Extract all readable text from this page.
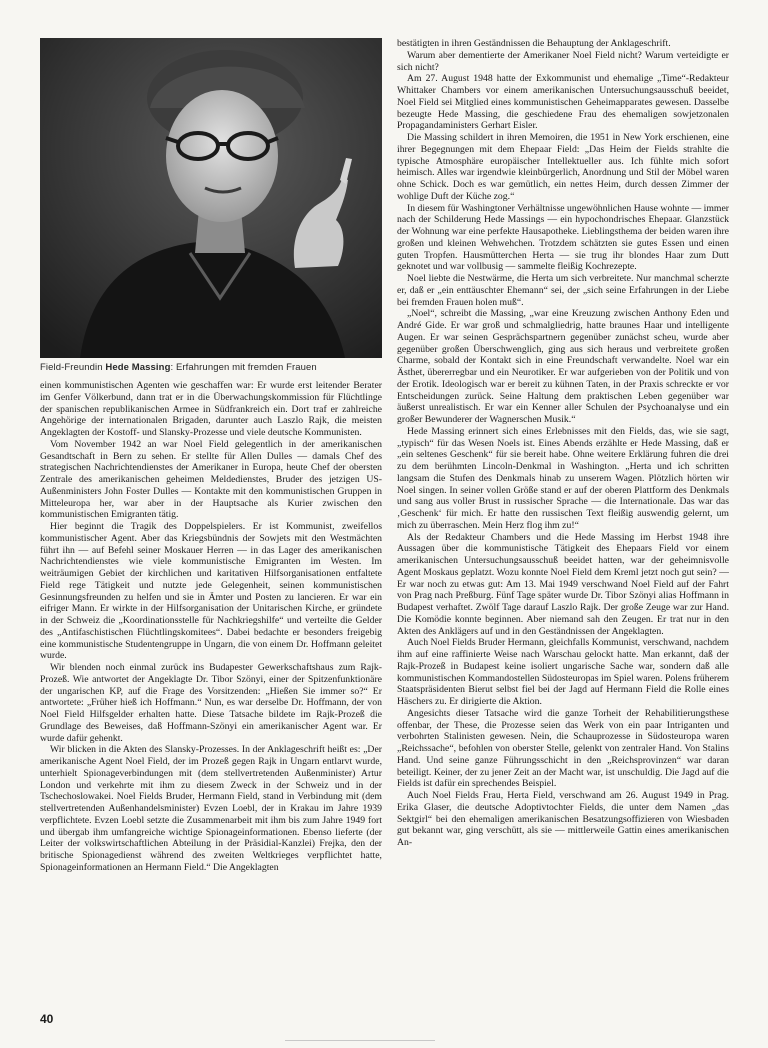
Field-Freundin Hede Massing: Erfahrungen mit fremden Frauen

einen kommunistischen Agenten wie geschaffen war: Er wurde erst leitender Berater im Genfer Völkerbund, dann trat er in die Überwachungskommission für Flüchtlinge der spanischen republikanischen Armee in Südfrankreich ein. Dort traf er zahlreiche Angehörige der internationalen Brigaden, darunter auch Laszlo Rajk, die meisten Angeklagten der Kostoff- und Slansky-Prozesse und viele deutsche Kommunisten.

Vom November 1942 an war Noel Field gelegentlich in der amerikanischen Gesandtschaft in Bern zu sehen. Er stellte für Allen Dulles — damals Chef des strategischen Nachrichtendienstes der Amerikaner in Europa, heute Chef der obersten Zentrale des amerikanischen geheimen Meldedienstes, Bruder des jetzigen US-Außenministers John Foster Dulles — Kontakte mit den kommunistischen Gruppen in Mitteleuropa her, war aber in der Hauptsache als Kurier zwischen den kommunistischen Emigranten tätig.

Hier beginnt die Tragik des Doppelspielers. Er ist Kommunist, zweifellos kommunistischer Agent. Aber das Kriegsbündnis der Sowjets mit den Westmächten führt ihn — auf Befehl seiner Moskauer Herren — in das Lager des amerikanischen Nachrichtendienstes wie viele kommunistische Emigranten im Westen. Im weiträumigen Gebiet der kirchlichen und karitativen Hilfsorganisationen entfaltete Field rege Tätigkeit und nutzte jede Gelegenheit, seinen kommunistischen Gesinnungsfreunden zu helfen und sie in Ämter und Posten zu lancieren. Er war ein eifriger Mann. Er wirkte in der Hilfsorganisation der Unitarischen Kirche, er gründete in der Schweiz die „Koordinationsstelle für Nachkriegshilfe“ und verteilte die Gelder des „Antifaschistischen Flüchtlingskomitees“. Dabei bedachte er besonders freigebig eine kommunistische Studentengruppe in Ungarn, die von einem Dr. Hoffmann geleitet wurde.

Wir blenden noch einmal zurück ins Budapester Gewerkschaftshaus zum Rajk-Prozeß. Wie antwortet der Angeklagte Dr. Tibor Szönyi, einer der Spitzenfunktionäre der ungarischen KP, auf die Frage des Vorsitzenden: „Hießen Sie immer so?“ Er antwortete: „Früher hieß ich Hoffmann.“ Nun, es war derselbe Dr. Hoffmann, der von Noel Field Hilfsgelder erhalten hatte. Diese Tatsache bildete im Rajk-Prozeß die Grundlage des Beweises, daß Hoffmann-Szönyi ein amerikanischer Agent war. Er wurde dafür gehenkt.

Wir blicken in die Akten des Slansky-Prozesses. In der Anklageschrift heißt es: „Der amerikanische Agent Noel Field, der im Prozeß gegen Rajk in Ungarn entlarvt wurde, unterhielt Spionageverbindungen mit (dem stellvertretenden Außenminister) Artur London und verkehrte mit ihm zu diesem Zweck in der Schweiz und in der Tschechoslowakei. Noel Fields Bruder, Hermann Field, stand in Verbindung mit (dem stellvertretenden Außenhandelsminister) Evzen Loebl, der in Krakau im Jahre 1939 verpflichtete. Evzen Loebl setzte die Zusammenarbeit mit ihm bis zum Jahre 1949 fort und übergab ihm umfangreiche wichtige Spionageinformationen. Ebenso lieferte (der Leiter der volkswirtschaftlichen Abteilung in der Präsidial-Kanzlei) Frejka, den der britische Spionagedienst während des zweiten Weltkrieges verpflichtet hatte, Spionageinformationen an Hermann Field.“ Die Angeklagten

bestätigten in ihren Geständnissen die Behauptung der Anklageschrift.

Warum aber dementierte der Amerikaner Noel Field nicht? Warum verteidigte er sich nicht?

Am 27. August 1948 hatte der Exkommunist und ehemalige „Time“-Redakteur Whittaker Chambers vor einem amerikanischen Untersuchungsausschuß beeidet, Noel Field sei Mitglied eines kommunistischen Geheimapparates gewesen. Dasselbe bezeugte Hede Massing, die geschiedene Frau des ehemaligen sowjetzonalen Propagandaministers Gerhart Eisler.

Die Massing schildert in ihren Memoiren, die 1951 in New York erschienen, eine ihrer Begegnungen mit dem Ehepaar Field: „Das Heim der Fields strahlte die typische Atmosphäre europäischer Intellektueller aus. Ich fühlte mich sofort heimisch. Alles war irgendwie kleinbürgerlich, Anordnung und Stil der Möbel waren ohne Schick. Doch es war gemütlich, ein nettes Heim, durch dessen Zimmer der wohlige Duft der Küche zog.“

In diesem für Washingtoner Verhältnisse ungewöhnlichen Hause wohnte — immer nach der Schilderung Hede Massings — ein hypochondrisches Ehepaar. Glanzstück der Wohnung war eine perfekte Hausapotheke. Lieblingsthema der beiden waren ihre großen und kleinen Wehwehchen. Trotzdem schätzten sie gutes Essen und einen guten Tropfen. Hausmütterchen Herta — sie trug ihr blondes Haar zum Dutt geknotet und war vollbusig — sammelte fleißig Kochrezepte.

Noel liebte die Nestwärme, die Herta um sich verbreitete. Nur manchmal scherzte er, daß er „ein enttäuschter Ehemann“ sei, der „sich seine Erfahrungen in der Liebe bei fremden Frauen holen muß“.

„Noel“, schreibt die Massing, „war eine Kreuzung zwischen Anthony Eden und André Gide. Er war groß und schmalgliedrig, hatte braunes Haar und intelligente Augen. Er war seinen Gesprächspartnern gegenüber zunächst scheu, wurde aber gegenüber großen Überschwenglich, ging aus sich heraus und verbreitete großen Charme, sobald der Kontakt sich in eine Freundschaft verwandelte. Noel war ein Ästhet, übererregbar und ein Neurotiker. Er war aufgerieben von der Politik und von der Erotik. Ideologisch war er bereit zu kühnen Taten, in der Praxis schreckte er vor Entscheidungen zurück. Seine Haltung dem praktischen Leben gegenüber war äußerst unrealistisch. Er war ein Kenner aller Schulen der Psychoanalyse und ein großer Bewunderer der Wagnerschen Musik.“

Hede Massing erinnert sich eines Erlebnisses mit den Fields, das, wie sie sagt, „typisch“ für das Wesen Noels ist. Eines Abends erzählte er Hede Massing, daß er „ein seltenes Geschenk“ für sie bereit habe. Ohne weitere Erklärung fuhren die drei zu dem berühmten Lincoln-Denkmal in Washington. „Herta und ich schritten langsam die Stufen des Denkmals hinab zu unserem Wagen. Plötzlich hörten wir Noel singen. In seiner vollen Größe stand er auf der oberen Plattform des Denkmals und sang aus voller Brust in russischer Sprache — die Internationale. Das war das ‚Geschenk‘ für mich. Er hatte den russischen Text fleißig auswendig gelernt, um mich zu überraschen. Mein Herz flog ihm zu!“

Als der Redakteur Chambers und die Hede Massing im Herbst 1948 ihre Aussagen über die kommunistische Tätigkeit des Ehepaars Field vor einem amerikanischen Untersuchungsausschuß beeidet hatten, war der geheimnisvolle Agent Moskaus geplatzt. Wozu konnte Noel Field dem Kreml jetzt noch gut sein? — Er war noch zu etwas gut: Am 13. Mai 1949 verschwand Noel Field auf der Fahrt von Prag nach Preßburg. Fünf Tage später wurde Dr. Tibor Szönyi alias Hoffmann in Budapest verhaftet. Zwölf Tage darauf Laszlo Rajk. Der große Zeuge war zur Hand. Die Komödie konnte beginnen. Aber niemand sah den Zeugen. Er trat nur in den Akten des Anklägers auf und in den Geständnissen der Angeklagten.

Auch Noel Fields Bruder Hermann, gleichfalls Kommunist, verschwand, nachdem ihm auf eine raffinierte Weise nach Warschau gelockt hatte. Man erkannt, daß der Rajk-Prozeß in Budapest keine isoliert ungarische Sache war, sondern daß alle kommunistischen Kommandostellen Südosteuropas im Spiel waren. Polens früherem Staatspräsidenten Bierut selbst fiel bei der Jagd auf Hermann Field die Rolle eines Häschers zu. Er dirigierte die Aktion.

Angesichts dieser Tatsache wird die ganze Torheit der Rehabilitierungsthese offenbar, der These, die Prozesse seien das Werk von ein paar Intriganten und verbohrten Stalinisten gewesen. Nein, die Schauprozesse in Südosteuropa waren „Reichssache“, befohlen von oberster Stelle, gelenkt von zentraler Hand. Von Stalins Hand. Und seine ganze Führungsschicht in den „Reichsprovinzen“ war daran beteiligt. Keiner, der zu jener Zeit an der Macht war, ist unschuldig. Die Jagd auf die Fields ist dafür ein sprechendes Beispiel.

Auch Noel Fields Frau, Herta Field, verschwand am 26. August 1949 in Prag. Erika Glaser, die deutsche Adoptivtochter Fields, die unter dem Namen „das Sektgirl“ bei den ehemaligen amerikanischen Besatzungsoffizieren von Wiesbaden gut bekannt war, ging verschütt, als sie — mittlerweile Gattin eines amerikanischen An-

40
